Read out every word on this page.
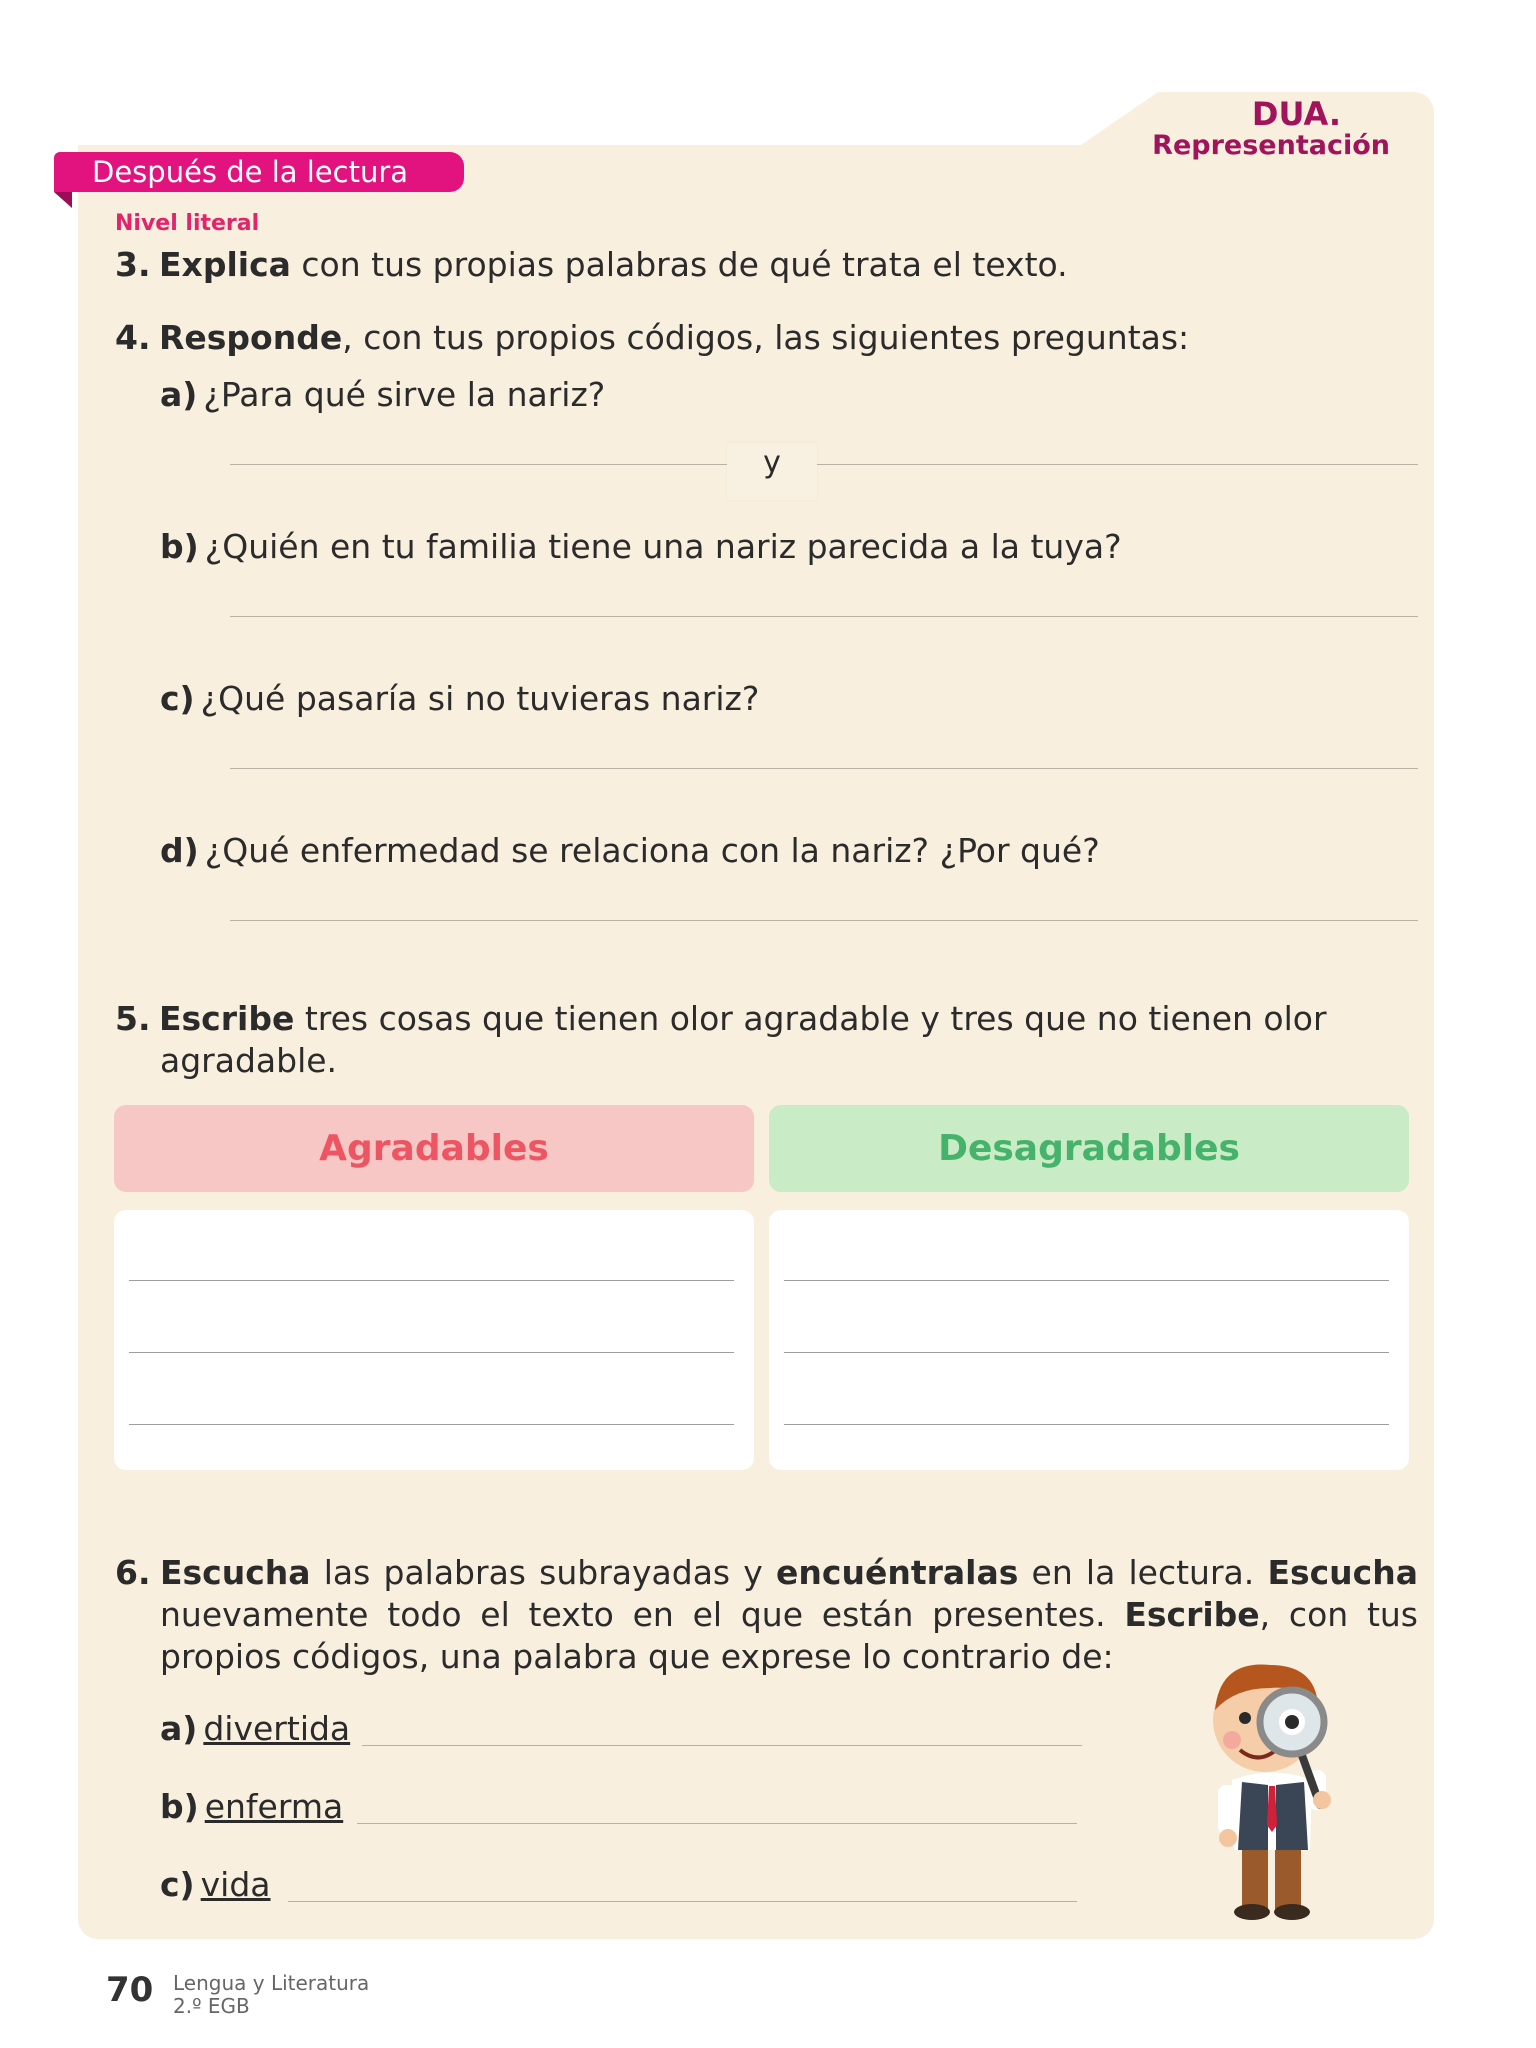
DUA.
Representación
Después de la lectura
Nivel literal
3. Explica con tus propias palabras de qué trata el texto.
4. Responde, con tus propios códigos, las siguientes preguntas:
a) ¿Para qué sirve la nariz?
y
b) ¿Quién en tu familia tiene una nariz parecida a la tuya?
c) ¿Qué pasaría si no tuvieras nariz?
d) ¿Qué enfermedad se relaciona con la nariz? ¿Por qué?
5. Escribe tres cosas que tienen olor agradable y tres que no tienen olor
agradable.
Agradables	Desagradables
6. Escucha las palabras subrayadas y encuéntralas en la lectura. Escucha nuevamente todo el texto en el que están presentes. Escribe, con tus propios códigos, una palabra que exprese lo contrario de:
a) divertida
b) enferma
c) vida
70 Lengua y Literatura
2.º EGB
